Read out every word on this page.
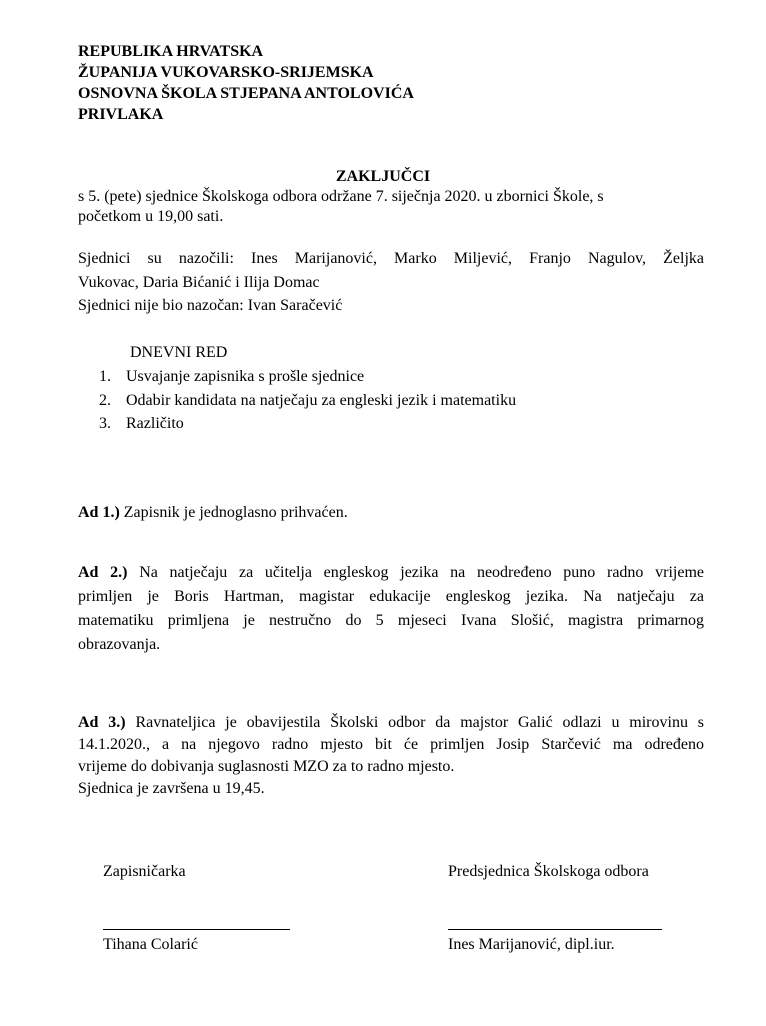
REPUBLIKA HRVATSKA
ŽUPANIJA VUKOVARSKO-SRIJEMSKA
OSNOVNA ŠKOLA STJEPANA ANTOLOVIĆA
PRIVLAKA
ZAKLJUČCI
s 5. (pete) sjednice Školskoga odbora održane 7. siječnja 2020. u zbornici Škole, s
početkom u 19,00 sati.
Sjednici su nazočili: Ines Marijanović, Marko Miljević, Franjo Nagulov, Željka
Vukovac, Daria Bićanić i Ilija Domac
Sjednici nije bio nazočan: Ivan Saračević
DNEVNI RED
1. Usvajanje zapisnika s prošle sjednice
2. Odabir kandidata na natječaju za engleski jezik i matematiku
3. Različito
Ad 1.) Zapisnik je jednoglasno prihvaćen.
Ad 2.) Na natječaju za učitelja engleskog jezika na neodređeno puno radno vrijeme
primljen je Boris Hartman, magistar edukacije engleskog jezika. Na natječaju za
matematiku primljena je nestručno do 5 mjeseci Ivana Slošić, magistra primarnog
obrazovanja.
Ad 3.) Ravnateljica je obavijestila Školski odbor da majstor Galić odlazi u mirovinu s
14.1.2020., a na njegovo radno mjesto bit će primljen Josip Starčević ma određeno
vrijeme do dobivanja suglasnosti MZO za to radno mjesto.
Sjednica je završena u 19,45.
Zapisničarka	Predsjednica Školskoga odbora
Tihana Colarić	Ines Marijanović, dipl.iur.
